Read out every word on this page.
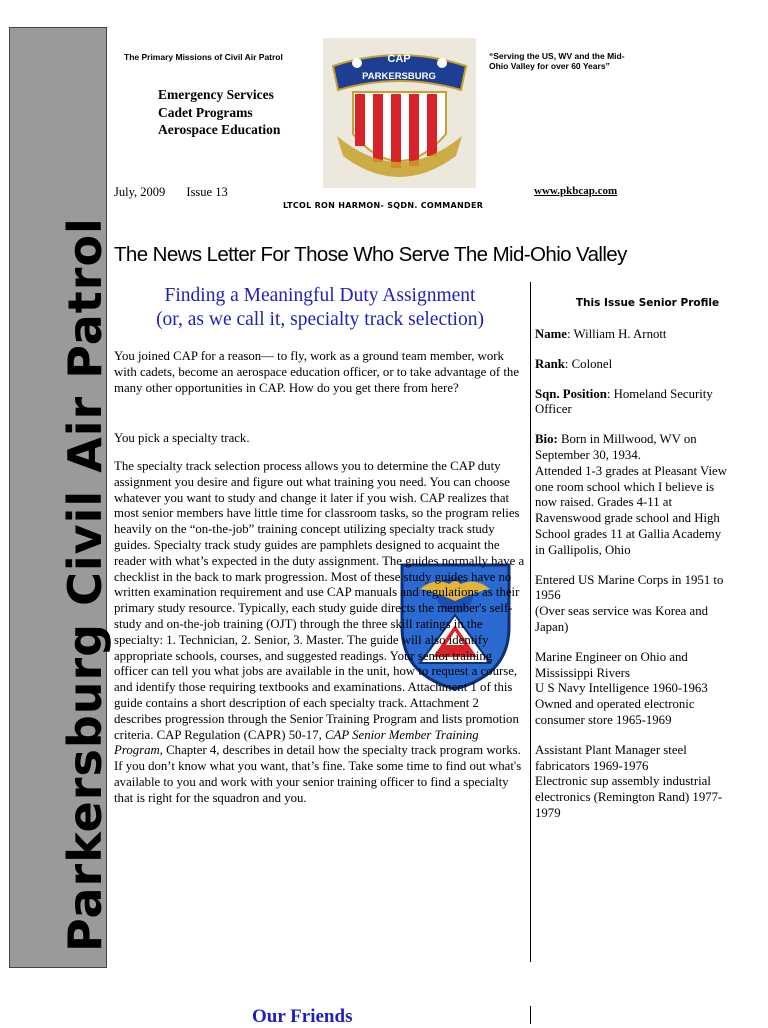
Parkersburg Civil Air Patrol
The Primary Missions of Civil Air Patrol
Emergency Services
Cadet Programs
Aerospace Education
CAP
PARKERSBURG
“Serving the US, WV and the Mid-
Ohio Valley for over 60 Years”
July, 2009 Issue 13	www.pkbcap.com
LTCOL RON HARMON- SQDN. COMMANDER
The News Letter For Those Who Serve The Mid-Ohio Valley
Finding a Meaningful Duty Assignment
(or, as we call it, specialty track selection)
You joined CAP for a reason— to fly, work as a ground team member, work with cadets, become an aerospace education officer, or to take advantage of the many other opportunities in CAP. How do you get there from here?
You pick a specialty track.
The specialty track selection process allows you to determine the CAP duty assignment you desire and figure out what training you need. You can choose whatever you want to study and change it later if you wish. CAP realizes that most senior members have little time for classroom tasks, so the program relies heavily on the “on-the-job” training concept utilizing specialty track study guides. Specialty track study guides are pamphlets designed to acquaint the reader with what’s expected in the duty assignment. The guides normally have a checklist in the back to mark progression. Most of these study guides have no written examination requirement and use CAP manuals and regulations as their primary study resource. Typically, each study guide directs the member's self-study and on-the-job training (OJT) through the three skill ratings in the specialty: 1. Technician, 2. Senior, 3. Master. The guide will also identify appropriate schools, courses, and suggested readings. Your senior training officer can tell you what jobs are available in the unit, how to request a course, and identify those requiring textbooks and examinations. Attachment 1 of this guide contains a short description of each specialty track. Attachment 2 describes progression through the Senior Training Program and lists promotion criteria. CAP Regulation (CAPR) 50-17, CAP Senior Member Training Program, Chapter 4, describes in detail how the specialty track program works. If you don’t know what you want, that’s fine. Take some time to find out what's available to you and work with your senior training officer to find a specialty that is right for the squadron and you.
This Issue Senior Profile

Name: William H. Arnott

Rank: Colonel

Sqn. Position: Homeland Security Officer

Bio: Born in Millwood, WV on September 30, 1934.
Attended 1-3 grades at Pleasant View one room school which I believe is now raised. Grades 4-11 at Ravenswood grade school and High School grades 11 at Gallia Academy in Gallipolis, Ohio

Entered US Marine Corps in 1951 to 1956
(Over seas service was Korea and Japan)

Marine Engineer on Ohio and Mississippi Rivers
U S Navy Intelligence 1960-1963
Owned and operated electronic consumer store 1965-1969

Assistant Plant Manager steel fabricators 1969-1976
Electronic sup assembly industrial electronics (Remington Rand) 1977-1979

Our Friends
